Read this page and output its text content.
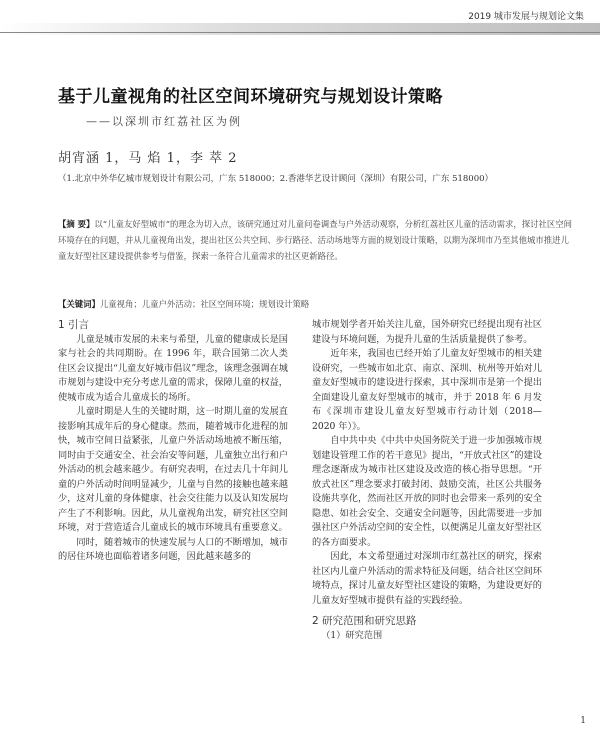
2019 城市发展与规划论文集
基于儿童视角的社区空间环境研究与规划设计策略
——以深圳市红荔社区为例
胡宵涵 1，马 焰 1，李 萃 2
（1.北京中外华亿城市规划设计有限公司，广东 518000；2.香港华艺设计顾问（深圳）有限公司，广东 518000）
【摘 要】以“儿童友好型城市”的理念为切入点，该研究通过对儿童问卷调查与户外活动观察，分析红荔社区儿童的活动需求，探讨社区空间环境存在的问题，并从儿童视角出发，提出社区公共空间、步行路径、活动场地等方面的规划设计策略，以期为深圳市乃至其他城市推进儿童友好型社区建设提供参考与借鉴，探索一条符合儿童需求的社区更新路径。
【关键词】儿童视角；儿童户外活动；社区空间环境；规划设计策略

1 引言

儿童是城市发展的未来与希望，儿童的健康成长是国家与社会的共同期盼。在 1996 年，联合国第二次人类住区会议提出“儿童友好城市倡议”理念，该理念强调在城市规划与建设中充分考虑儿童的需求，保障儿童的权益，使城市成为适合儿童成长的场所。

儿童时期是人生的关键时期，这一时期儿童的发展直接影响其成年后的身心健康。然而，随着城市化进程的加快，城市空间日益紧张，儿童户外活动场地被不断压缩，同时由于交通安全、社会治安等问题，儿童独立出行和户外活动的机会越来越少。有研究表明，在过去几十年间儿童的户外活动时间明显减少，儿童与自然的接触也越来越少，这对儿童的身体健康、社会交往能力以及认知发展均产生了不利影响。因此，从儿童视角出发，研究社区空间环境，对于营造适合儿童成长的城市环境具有重要意义。

同时，随着城市的快速发展与人口的不断增加，城市的居住环境也面临着诸多问题，因此越来越多的

城市规划学者开始关注儿童，国外研究已经提出现有社区建设与环境问题，为提升儿童的生活质量提供了参考。

近年来，我国也已经开始了儿童友好型城市的相关建设研究，一些城市如北京、南京、深圳、杭州等开始对儿童友好型城市的建设进行探索，其中深圳市是第一个提出全面建设儿童友好型城市的城市，并于 2018 年 6 月发布《深圳市建设儿童友好型城市行动计划（2018—2020 年）》。

自中共中央《中共中央国务院关于进一步加强城市规划建设管理工作的若干意见》提出，“开放式社区”的建设理念逐渐成为城市社区建设及改造的核心指导思想。“开放式社区”理念要求打破封闭、鼓励交流，社区公共服务设施共享化，然而社区开放的同时也会带来一系列的安全隐患、如社会安全、交通安全问题等，因此需要进一步加强社区户外活动空间的安全性，以便满足儿童友好型社区的各方面要求。

因此，本文希望通过对深圳市红荔社区的研究，探索社区内儿童户外活动的需求特征及问题，结合社区空间环境特点，探讨儿童友好型社区建设的策略，为建设更好的儿童友好型城市提供有益的实践经验。

2 研究范围和研究思路

（1）研究范围

1
